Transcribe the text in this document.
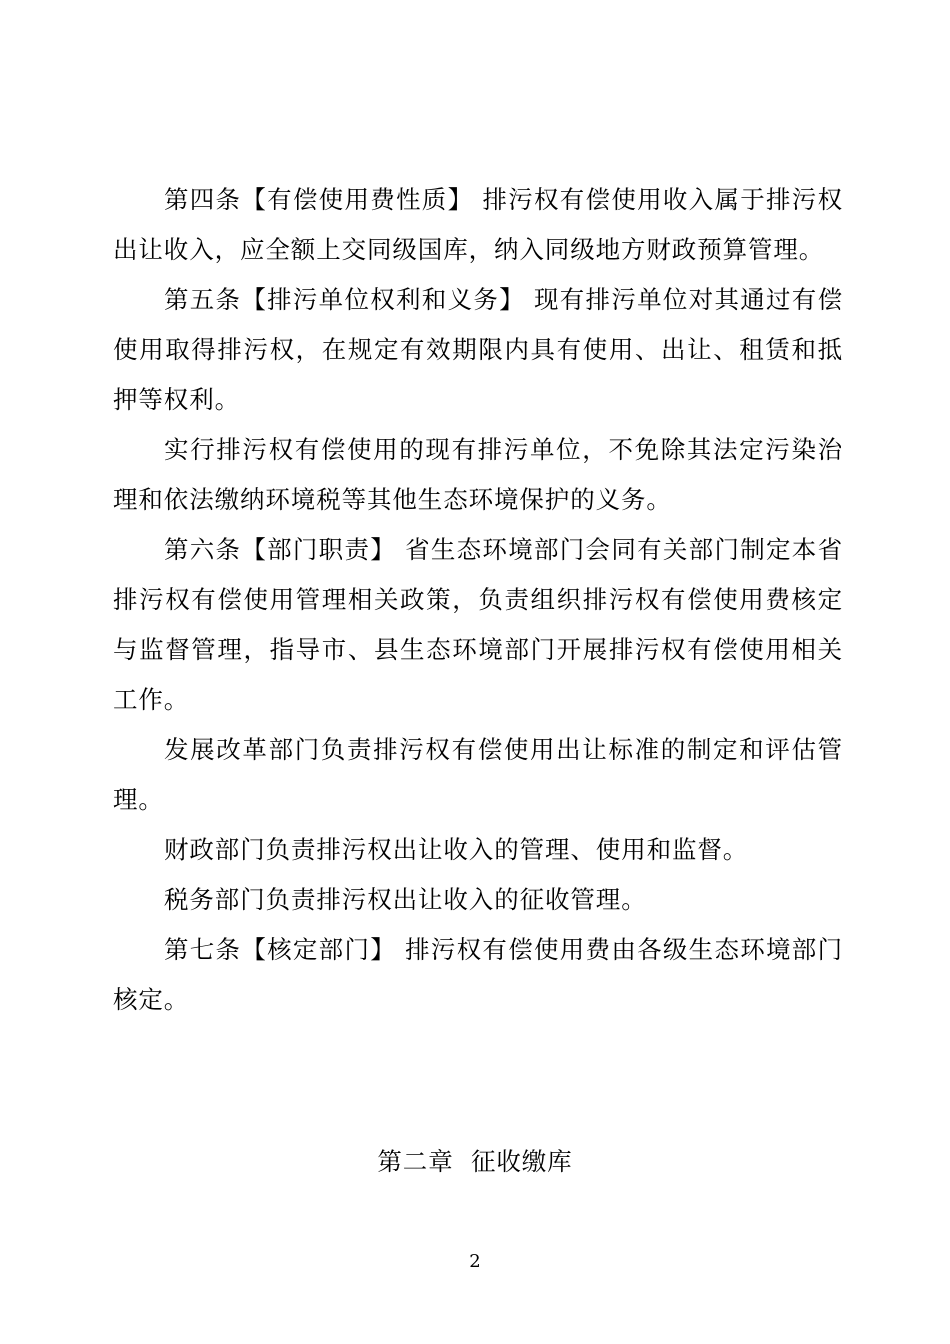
第四条【有偿使用费性质】 排污权有偿使用收入属于排污权出让收入，应全额上交同级国库，纳入同级地方财政预算管理。

第五条【排污单位权利和义务】 现有排污单位对其通过有偿使用取得排污权，在规定有效期限内具有使用、出让、租赁和抵押等权利。

实行排污权有偿使用的现有排污单位，不免除其法定污染治理和依法缴纳环境税等其他生态环境保护的义务。

第六条【部门职责】 省生态环境部门会同有关部门制定本省排污权有偿使用管理相关政策，负责组织排污权有偿使用费核定与监督管理，指导市、县生态环境部门开展排污权有偿使用相关工作。

发展改革部门负责排污权有偿使用出让标准的制定和评估管理。

财政部门负责排污权出让收入的管理、使用和监督。

税务部门负责排污权出让收入的征收管理。

第七条【核定部门】 排污权有偿使用费由各级生态环境部门核定。

第二章  征收缴库
2
